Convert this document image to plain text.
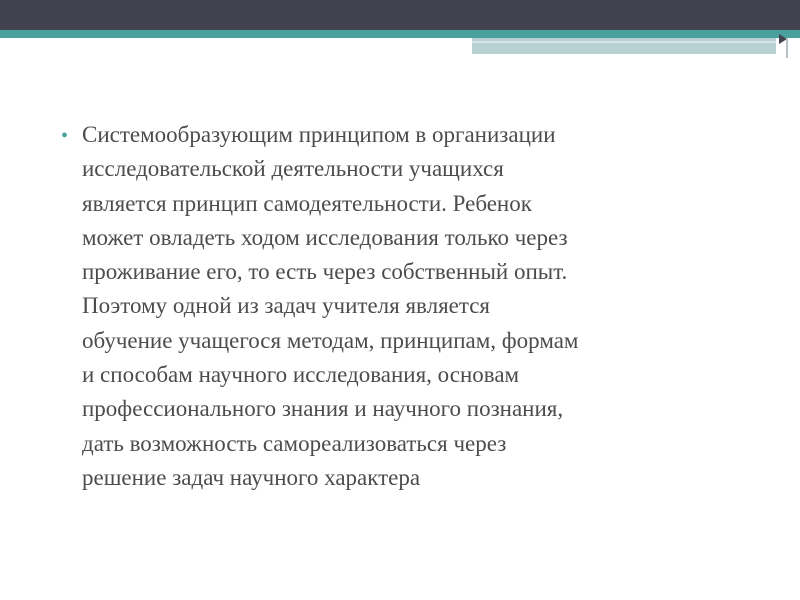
• Системообразующим принципом в организации
исследовательской деятельности учащихся
является принцип самодеятельности. Ребенок
может овладеть ходом исследования только через
проживание его, то есть через собственный опыт.
Поэтому одной из задач учителя является
обучение учащегося методам, принципам, формам
и способам научного исследования, основам
профессионального знания и научного познания,
дать возможность самореализоваться через
решение задач научного характера
